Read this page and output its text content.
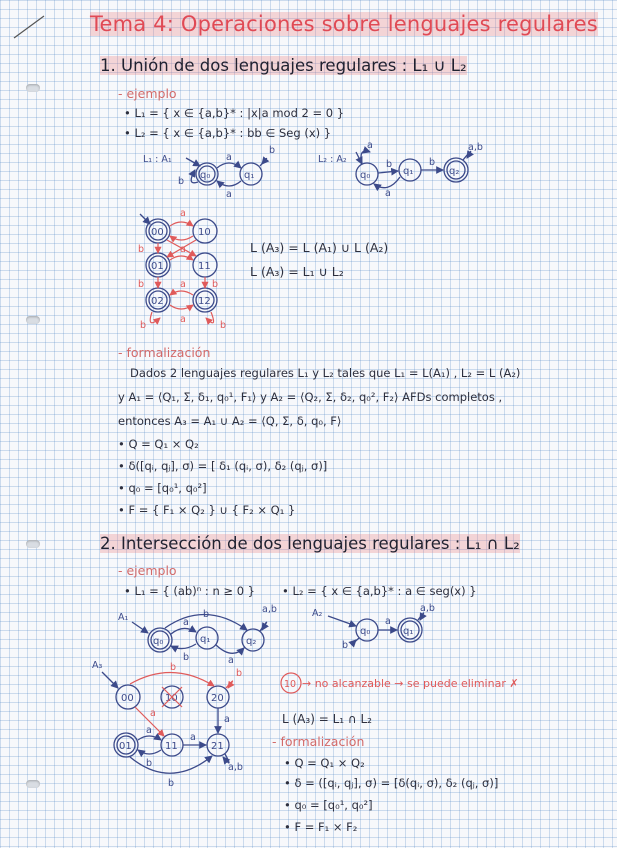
Tema 4: Operaciones sobre lenguajes regulares
1. Unión de dos lenguajes regulares : L₁ ∪ L₂
- ejemplo
• L₁ = { x ∈ {a,b}* : |x|a mod 2 = 0 }
• L₂ = { x ∈ {a,b}* : bb ∈ Seg (x) }
L (A₃) = L (A₁) ∪ L (A₂)
L (A₃) = L₁ ∪ L₂
- formalización
Dados 2 lenguajes regulares L₁ y L₂ tales que L₁ = L(A₁) , L₂ = L (A₂)
y A₁ = ⟨Q₁, Σ, δ₁, q₀¹, F₁⟩ y A₂ = ⟨Q₂, Σ, δ₂, q₀², F₂⟩ AFDs completos ,
entonces A₃ = A₁ ∪ A₂ = ⟨Q, Σ, δ, q₀, F⟩
• Q = Q₁ × Q₂
• δ([qᵢ, qⱼ], σ) = [ δ₁ (qᵢ, σ), δ₂ (qⱼ, σ)]
• q₀ = [q₀¹, q₀²]
• F = { F₁ × Q₂ } ∪ { F₂ × Q₁ }
2. Intersección de dos lenguajes regulares : L₁ ∩ L₂
- ejemplo
• L₁ = { (ab)ⁿ : n ≥ 0 } • L₂ = { x ∈ {a,b}* : a ∈ seg(x) }
→ no alcanzable → se puede eliminar ✗
L (A₃) = L₁ ∩ L₂
- formalización
• Q = Q₁ × Q₂
• δ = ([qᵢ, qⱼ], σ) = [δ(qᵢ, σ), δ₂ (qⱼ, σ)]
• q₀ = [q₀¹, q₀²]
• F = F₁ × F₂
L₁ : A₁
q₀	q₁
a
a
b
b
L₂ : A₂
q₀	q₁	q₂
b	b
a
a	a,b
00	10
01	11
02	12
a
a
b
b	b
a
a
b	b
A₁
q₀	q₁	q₂
a
b
b
a
a,b	A₂
q₀	q₁
a
b
a,b
A₃
00	10	20
01	11	21
b
a
a
a
b
a
b
a,b
b
10
